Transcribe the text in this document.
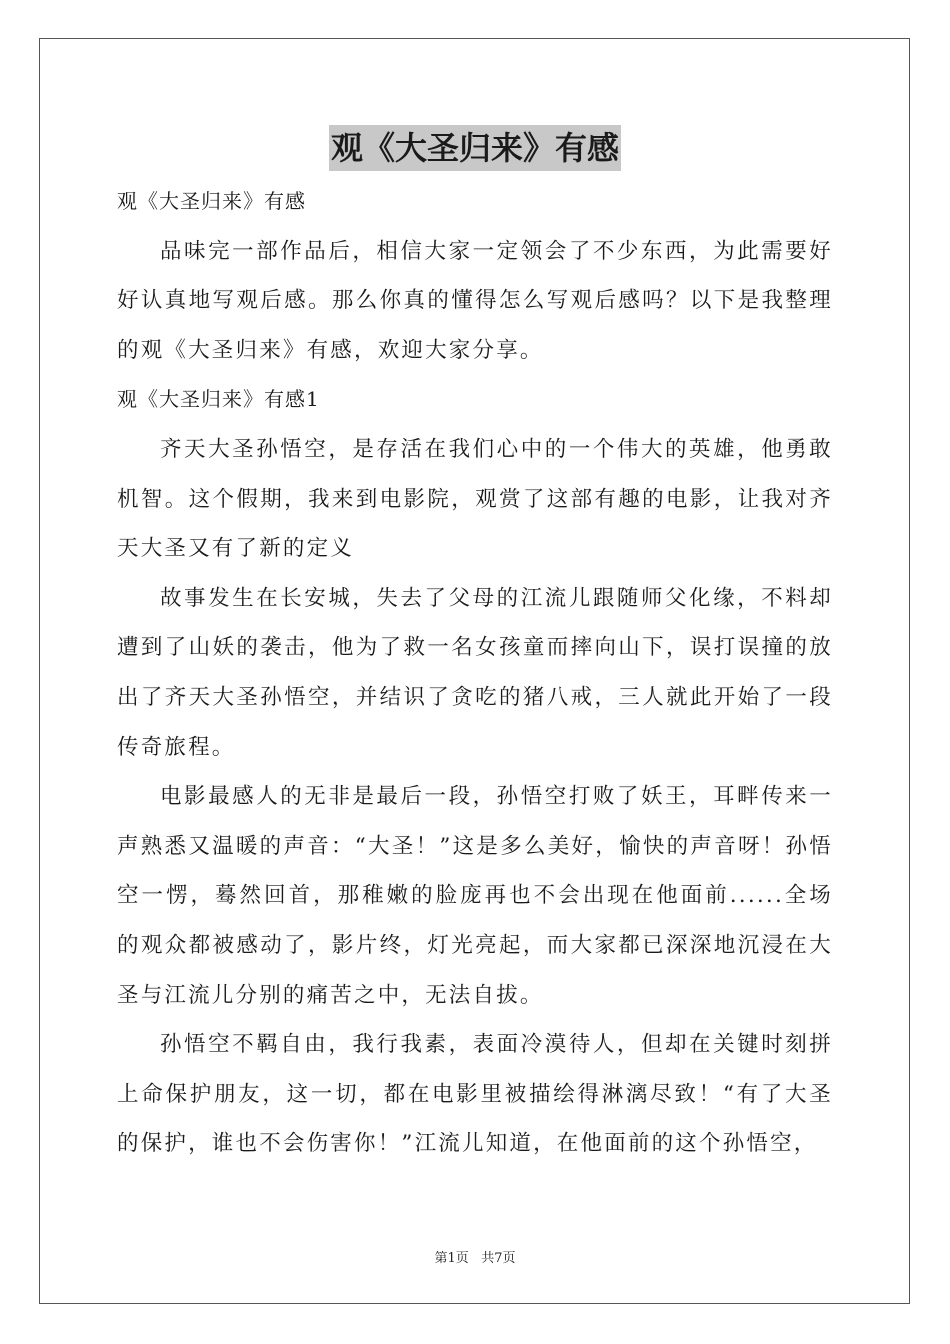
观《大圣归来》有感

观《大圣归来》有感

品味完一部作品后，相信大家一定领会了不少东西，为此需要好好认真地写观后感。那么你真的懂得怎么写观后感吗？以下是我整理的观《大圣归来》有感，欢迎大家分享。

观《大圣归来》有感1

齐天大圣孙悟空，是存活在我们心中的一个伟大的英雄，他勇敢机智。这个假期，我来到电影院，观赏了这部有趣的电影，让我对齐天大圣又有了新的定义

故事发生在长安城，失去了父母的江流儿跟随师父化缘，不料却遭到了山妖的袭击，他为了救一名女孩童而摔向山下，误打误撞的放出了齐天大圣孙悟空，并结识了贪吃的猪八戒，三人就此开始了一段传奇旅程。

电影最感人的无非是最后一段，孙悟空打败了妖王，耳畔传来一声熟悉又温暖的声音：“大圣！”这是多么美好，愉快的声音呀！孙悟空一愣，蓦然回首，那稚嫩的脸庞再也不会出现在他面前......全场的观众都被感动了，影片终，灯光亮起，而大家都已深深地沉浸在大圣与江流儿分别的痛苦之中，无法自拔。

孙悟空不羁自由，我行我素，表面冷漠待人，但却在关键时刻拼上命保护朋友，这一切，都在电影里被描绘得淋漓尽致！“有了大圣的保护，谁也不会伤害你！”江流儿知道，在他面前的这个孙悟空，

第1页 共7页
